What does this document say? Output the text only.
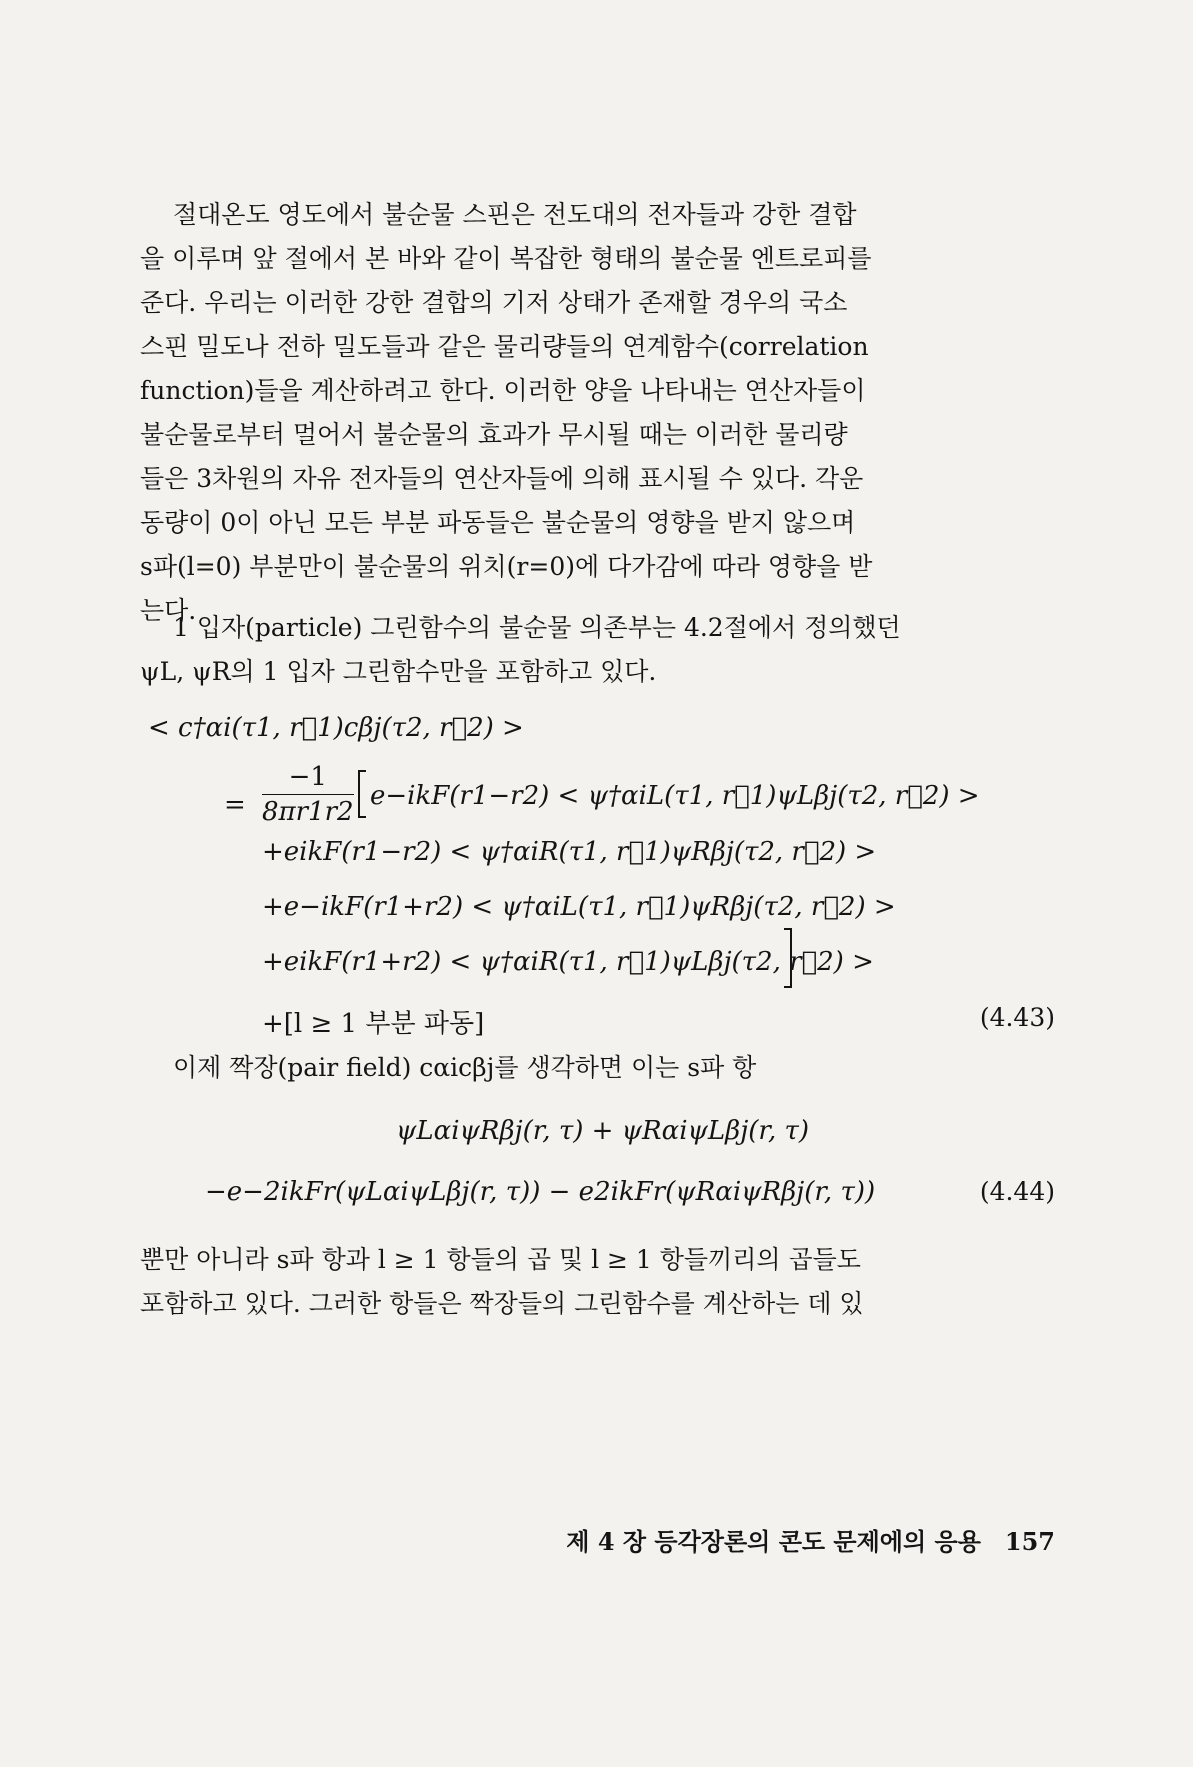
절대온도 영도에서 불순물 스핀은 전도대의 전자들과 강한 결합
을 이루며 앞 절에서 본 바와 같이 복잡한 형태의 불순물 엔트로피를
준다. 우리는 이러한 강한 결합의 기저 상태가 존재할 경우의 국소
스핀 밀도나 전하 밀도들과 같은 물리량들의 연계함수(correlation
function)들을 계산하려고 한다. 이러한 양을 나타내는 연산자들이
불순물로부터 멀어서 불순물의 효과가 무시될 때는 이러한 물리량
들은 3차원의 자유 전자들의 연산자들에 의해 표시될 수 있다. 각운
동량이 0이 아닌 모든 부분 파동들은 불순물의 영향을 받지 않으며
s파(l=0) 부분만이 불순물의 위치(r=0)에 다가감에 따라 영향을 받
는다.

1 입자(particle) 그린함수의 불순물 의존부는 4.2절에서 정의했던
ψL, ψR의 1 입자 그린함수만을 포함하고 있다.

< c†αi(τ1, r⃗1)cβj(τ2, r⃗2) >
= $\frac{-1}{8\pi r1r2} e-ikF(r1-r2)$ < ψ†αiL(τ1, r⃗1)ψLβj(τ2, r⃗2) >
+eikF(r1−r2) < ψ†αiR(τ1, r⃗1)ψRβj(τ2, r⃗2) >
+e−ikF(r1+r2) < ψ†αiL(τ1, r⃗1)ψRβj(τ2, r⃗2) >
+eikF(r1+r2) < ψ†αiR(τ1, r⃗1)ψLβj(τ2, r⃗2) >
+[l ≥ 1 부분 파동]	(4.43)

이제 짝장(pair field) cαicβj를 생각하면 이는 s파 항

ψLαiψRβj(r, τ) + ψRαiψLβj(r, τ)
−e−2ikFr(ψLαiψLβj(r, τ)) − e2ikFr(ψRαiψRβj(r, τ))	(4.44)

뿐만 아니라 s파 항과 l ≥ 1 항들의 곱 및 l ≥ 1 항들끼리의 곱들도
포함하고 있다. 그러한 항들은 짝장들의 그린함수를 계산하는 데 있

제 4 장 등각장론의 콘도 문제에의 응용 157
